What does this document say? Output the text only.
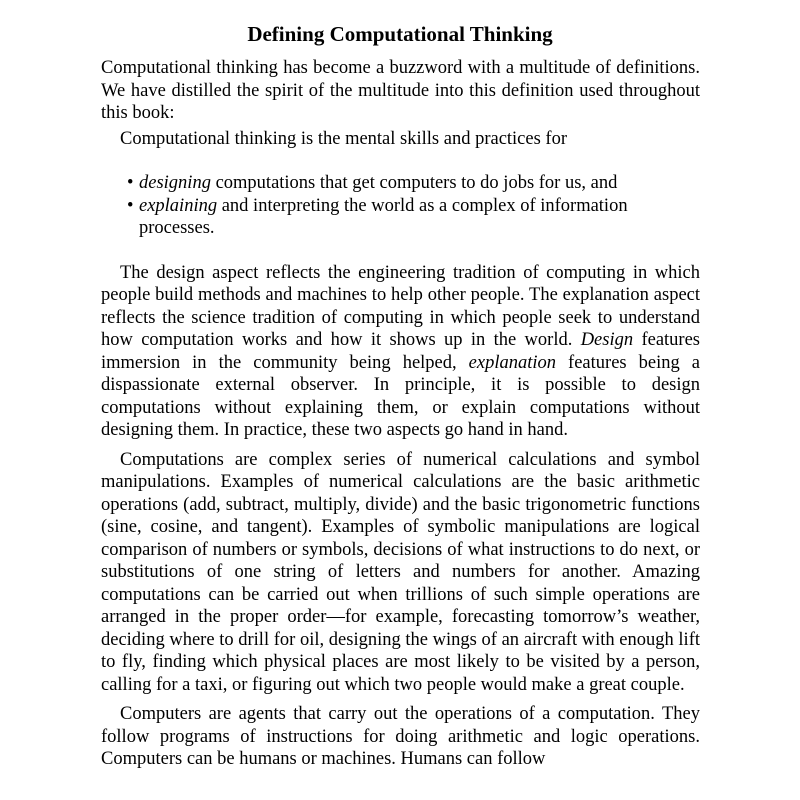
Defining Computational Thinking

Computational thinking has become a buzzword with a multitude of definitions. We have distilled the spirit of the multitude into this definition used throughout this book:

Computational thinking is the mental skills and practices for

• designing computations that get computers to do jobs for us, and
• explaining and interpreting the world as a complex of information processes.

The design aspect reflects the engineering tradition of computing in which people build methods and machines to help other people. The explanation aspect reflects the science tradition of computing in which people seek to understand how computation works and how it shows up in the world. Design features immersion in the community being helped, explanation features being a dispassionate external observer. In principle, it is possible to design computations without explaining them, or explain computations without designing them. In practice, these two aspects go hand in hand.

Computations are complex series of numerical calculations and symbol manipulations. Examples of numerical calculations are the basic arithmetic operations (add, subtract, multiply, divide) and the basic trigonometric functions (sine, cosine, and tangent). Examples of symbolic manipulations are logical comparison of numbers or symbols, decisions of what instructions to do next, or substitutions of one string of letters and numbers for another. Amazing computations can be carried out when trillions of such simple operations are arranged in the proper order—for example, forecasting tomorrow’s weather, deciding where to drill for oil, designing the wings of an aircraft with enough lift to fly, finding which physical places are most likely to be visited by a person, calling for a taxi, or figuring out which two people would make a great couple.

Computers are agents that carry out the operations of a computation. They follow programs of instructions for doing arithmetic and logic operations. Computers can be humans or machines. Humans can follow
